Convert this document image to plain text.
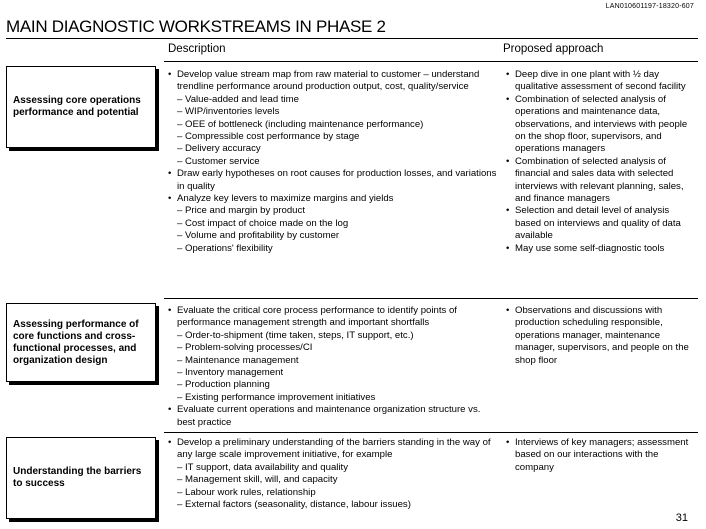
LAN010601197-18320-607
MAIN DIAGNOSTIC WORKSTREAMS IN PHASE 2
Description	Proposed approach
Assessing core operations performance and potential
• Develop value stream map from raw material to customer – understand trendline performance around production output, cost, quality/service
– Value-added and lead time
– WIP/inventories levels
– OEE of bottleneck (including maintenance performance)
– Compressible cost performance by stage
– Delivery accuracy
– Customer service
• Draw early hypotheses on root causes for production losses, and variations in quality
• Analyze key levers to maximize margins and yields
– Price and margin by product
– Cost impact of choice made on the log
– Volume and profitability by customer
– Operations' flexibility
• Deep dive in one plant with ½ day qualitative assessment of second facility
• Combination of selected analysis of operations and maintenance data, observations, and interviews with people on the shop floor, supervisors, and operations managers
• Combination of selected analysis of financial and sales data with selected interviews with relevant planning, sales, and finance managers
• Selection and detail level of analysis based on interviews and quality of data available
• May use some self-diagnostic tools
Assessing performance of core functions and cross-functional processes, and organization design
• Evaluate the critical core process performance to identify points of performance management strength and important shortfalls
– Order-to-shipment (time taken, steps, IT support, etc.)
– Problem-solving processes/CI
– Maintenance management
– Inventory management
– Production planning
– Existing performance improvement initiatives
• Evaluate current operations and maintenance organization structure vs. best practice
• Observations and discussions with production scheduling responsible, operations manager, maintenance manager, supervisors, and people on the shop floor
Understanding the barriers to success
• Develop a preliminary understanding of the barriers standing in the way of any large scale improvement initiative, for example
– IT support, data availability and quality
– Management skill, will, and capacity
– Labour work rules, relationship
– External factors (seasonality, distance, labour issues)
• Interviews of key managers; assessment based on our interactions with the company
31
